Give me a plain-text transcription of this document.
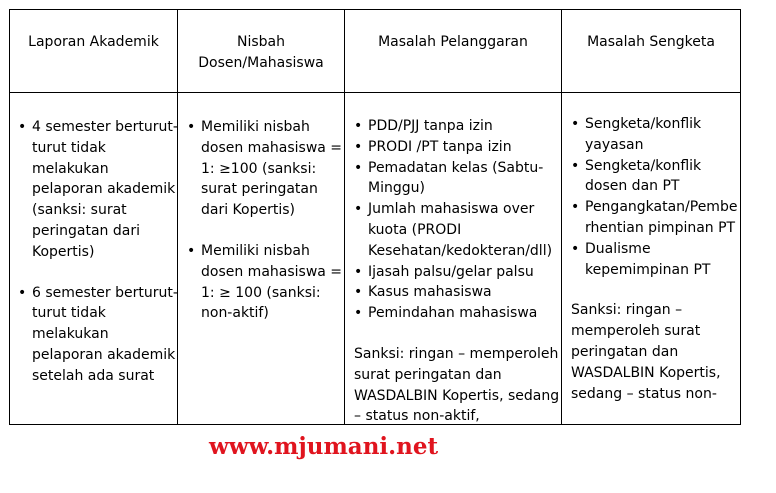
Laporan Akademik	Nisbah
Dosen/Mahasiswa
Masalah Pelanggaran	Masalah Sengketa
• 4 semester berturut-turut tidak melakukan pelaporan akademik (sanksi: surat peringatan dari Kopertis)
• 6 semester berturut-turut tidak melakukan pelaporan akademik setelah ada surat
• Memiliki nisbah dosen mahasiswa = 1: ≥100 (sanksi: surat peringatan dari Kopertis)
• Memiliki nisbah dosen mahasiswa = 1: ≥ 100 (sanksi: non-aktif)
• PDD/PJJ tanpa izin
• PRODI /PT tanpa izin
• Pemadatan kelas (Sabtu-Minggu)
• Jumlah mahasiswa over kuota (PRODI Kesehatan/kedokteran/dll)
• Ijasah palsu/gelar palsu
• Kasus mahasiswa
• Pemindahan mahasiswa
Sanksi: ringan – memperoleh surat peringatan dan WASDALBIN Kopertis, sedang – status non-aktif,
• Sengketa/konflik yayasan
• Sengketa/konflik dosen dan PT
• Pengangkatan/Pemberhentian pimpinan PT
• Dualisme kepemimpinan PT
Sanksi: ringan – memperoleh surat peringatan dan WASDALBIN Kopertis, sedang – status non-
www.mjumani.net
